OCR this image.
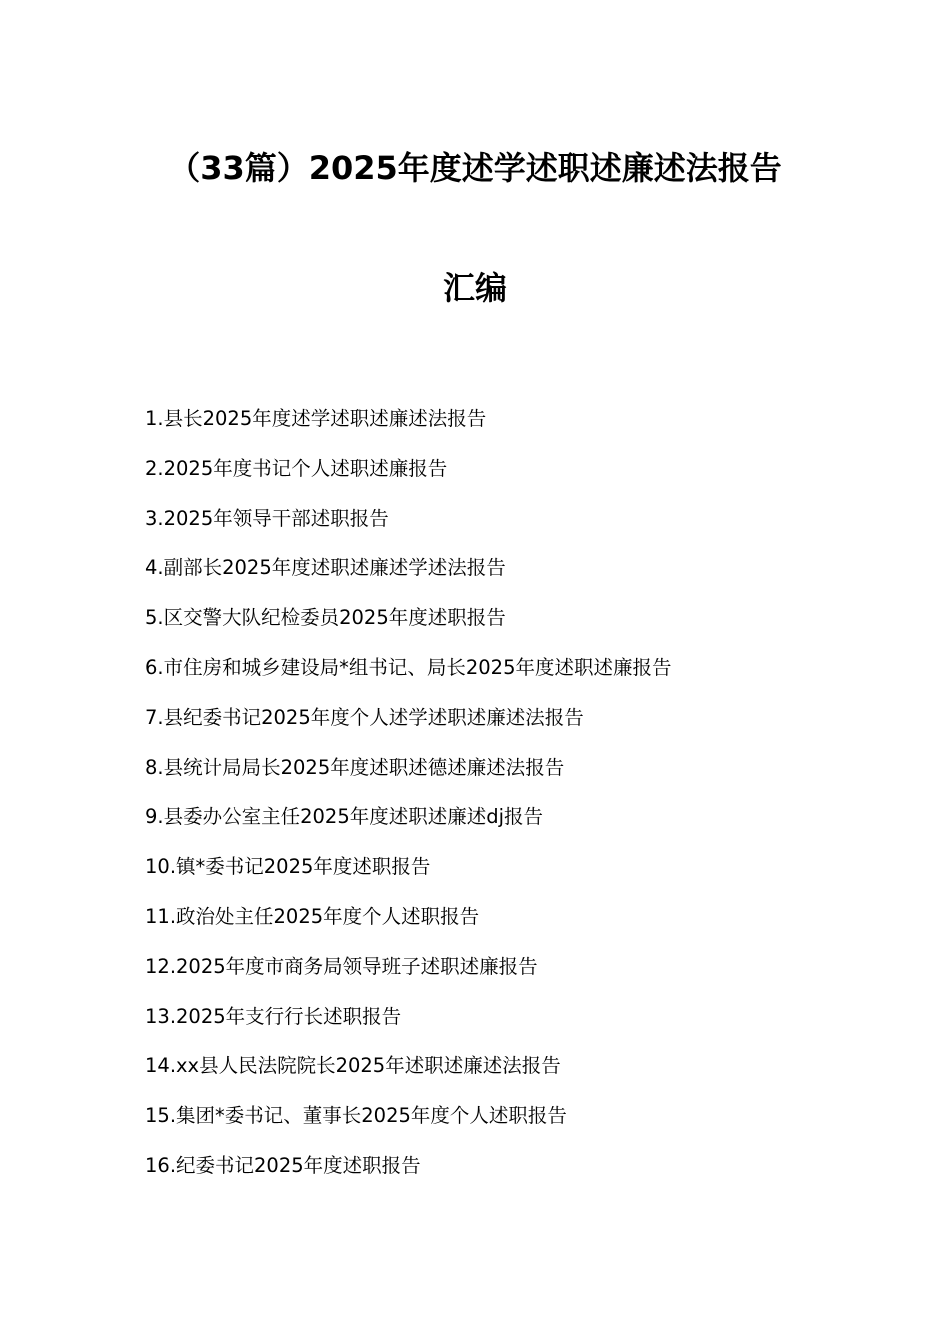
（33篇）2025年度述学述职述廉述法报告
汇编
1.县长2025年度述学述职述廉述法报告
2.2025年度书记个人述职述廉报告
3.2025年领导干部述职报告
4.副部长2025年度述职述廉述学述法报告
5.区交警大队纪检委员2025年度述职报告
6.市住房和城乡建设局*组书记、局长2025年度述职述廉报告
7.县纪委书记2025年度个人述学述职述廉述法报告
8.县统计局局长2025年度述职述德述廉述法报告
9.县委办公室主任2025年度述职述廉述dj报告
10.镇*委书记2025年度述职报告
11.政治处主任2025年度个人述职报告
12.2025年度市商务局领导班子述职述廉报告
13.2025年支行行长述职报告
14.xx县人民法院院长2025年述职述廉述法报告
15.集团*委书记、董事长2025年度个人述职报告
16.纪委书记2025年度述职报告
